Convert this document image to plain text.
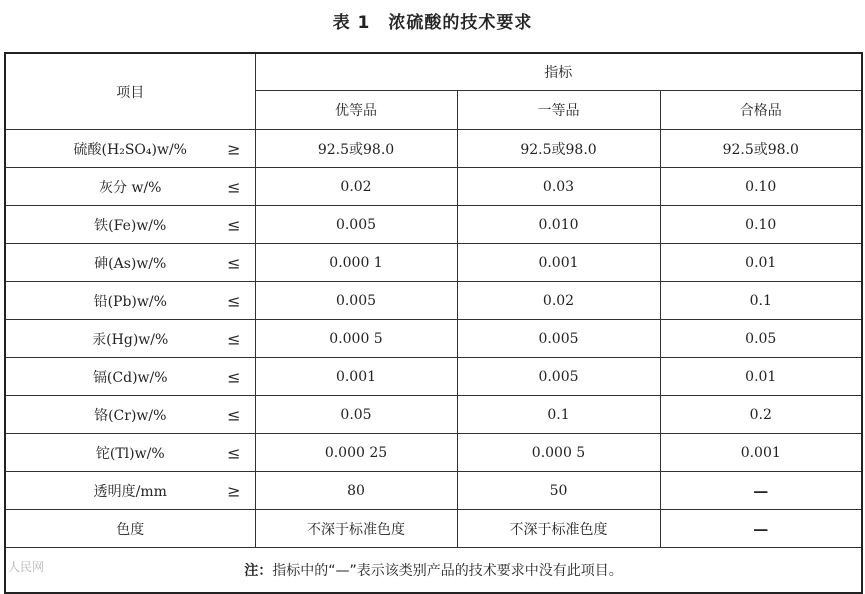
表 1 浓硫酸的技术要求
项目	指标		
	优等品	一等品	合格品
硫酸(H₂SO₄)w/% ≥	92.5或98.0	92.5或98.0	92.5或98.0
灰分 w/% ≤	0.02	0.03	0.10
铁(Fe)w/% ≤	0.005	0.010	0.10
砷(As)w/% ≤	0.000 1	0.001	0.01
铅(Pb)w/% ≤	0.005	0.02	0.1
汞(Hg)w/% ≤	0.000 5	0.005	0.05
镉(Cd)w/% ≤	0.001	0.005	0.01
铬(Cr)w/% ≤	0.05	0.1	0.2
铊(Tl)w/% ≤	0.000 25	0.000 5	0.001
透明度/mm ≥	80	50	—
色度	不深于标准色度	不深于标准色度	—
注：指标中的“—”表示该类别产品的技术要求中没有此项目。			
人民网
